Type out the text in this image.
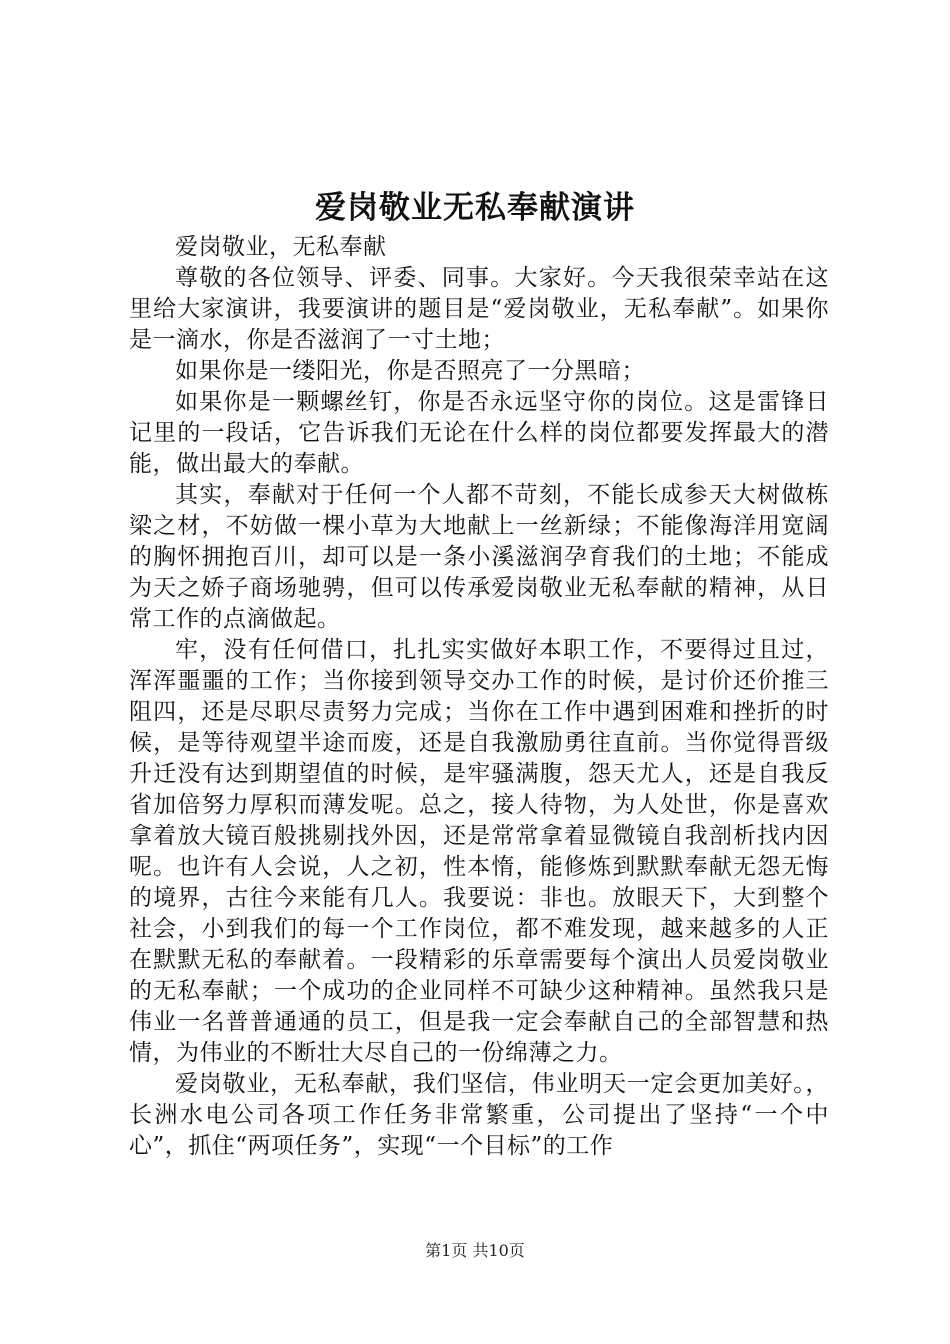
爱岗敬业无私奉献演讲

爱岗敬业，无私奉献

尊敬的各位领导、评委、同事。大家好。今天我很荣幸站在这里给大家演讲，我要演讲的题目是“爱岗敬业，无私奉献”。如果你是一滴水，你是否滋润了一寸土地；

如果你是一缕阳光，你是否照亮了一分黑暗；

如果你是一颗螺丝钉，你是否永远坚守你的岗位。这是雷锋日记里的一段话，它告诉我们无论在什么样的岗位都要发挥最大的潜能，做出最大的奉献。

其实，奉献对于任何一个人都不苛刻，不能长成参天大树做栋梁之材，不妨做一棵小草为大地献上一丝新绿；不能像海洋用宽阔的胸怀拥抱百川，却可以是一条小溪滋润孕育我们的土地；不能成为天之娇子商场驰骋，但可以传承爱岗敬业无私奉献的精神，从日常工作的点滴做起。

牢，没有任何借口，扎扎实实做好本职工作，不要得过且过，浑浑噩噩的工作；当你接到领导交办工作的时候，是讨价还价推三阻四，还是尽职尽责努力完成；当你在工作中遇到困难和挫折的时候，是等待观望半途而废，还是自我激励勇往直前。当你觉得晋级升迁没有达到期望值的时候，是牢骚满腹，怨天尤人，还是自我反省加倍努力厚积而薄发呢。总之，接人待物，为人处世，你是喜欢拿着放大镜百般挑剔找外因，还是常常拿着显微镜自我剖析找内因呢。也许有人会说，人之初，性本惰，能修炼到默默奉献无怨无悔的境界，古往今来能有几人。我要说：非也。放眼天下，大到整个社会，小到我们的每一个工作岗位，都不难发现，越来越多的人正在默默无私的奉献着。一段精彩的乐章需要每个演出人员爱岗敬业的无私奉献；一个成功的企业同样不可缺少这种精神。虽然我只是伟业一名普普通通的员工，但是我一定会奉献自己的全部智慧和热情，为伟业的不断壮大尽自己的一份绵薄之力。

爱岗敬业，无私奉献，我们坚信，伟业明天一定会更加美好。，长洲水电公司各项工作任务非常繁重，公司提出了坚持“一个中心”，抓住“两项任务”，实现“一个目标”的工作

第1页 共10页
